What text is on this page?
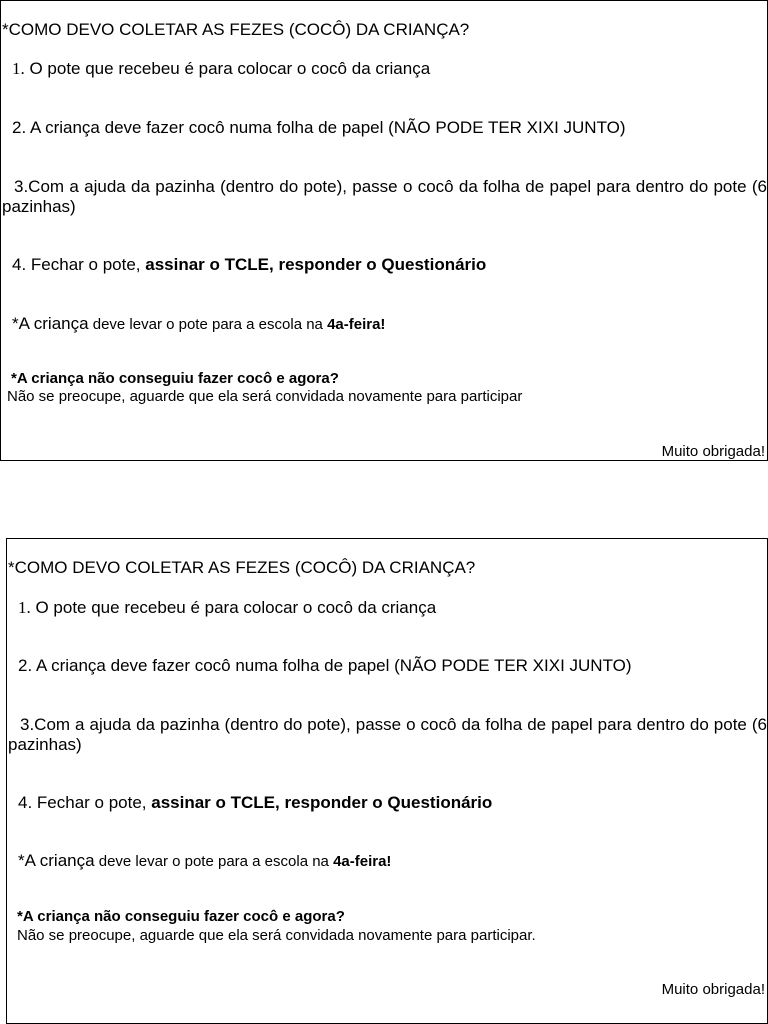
*COMO DEVO COLETAR AS FEZES (COCÔ) DA CRIANÇA?
1. O pote que recebeu é para colocar o cocô da criança
2. A criança deve fazer cocô numa folha de papel (NÃO PODE TER XIXI JUNTO)
3.Com a ajuda da pazinha (dentro do pote), passe o cocô da folha de papel para dentro do pote (6 pazinhas)
4. Fechar o pote, assinar o TCLE, responder o Questionário
*A criança deve levar o pote para a escola na 4a-feira!
*A criança não conseguiu fazer cocô e agora?
Não se preocupe, aguarde que ela será convidada novamente para participar
Muito obrigada!
*COMO DEVO COLETAR AS FEZES (COCÔ) DA CRIANÇA?
1. O pote que recebeu é para colocar o cocô da criança
2. A criança deve fazer cocô numa folha de papel (NÃO PODE TER XIXI JUNTO)
3.Com a ajuda da pazinha (dentro do pote), passe o cocô da folha de papel para dentro do pote (6 pazinhas)
4. Fechar o pote, assinar o TCLE, responder o Questionário
*A criança deve levar o pote para a escola na 4a-feira!
*A criança não conseguiu fazer cocô e agora?
Não se preocupe, aguarde que ela será convidada novamente para participar.
Muito obrigada!
